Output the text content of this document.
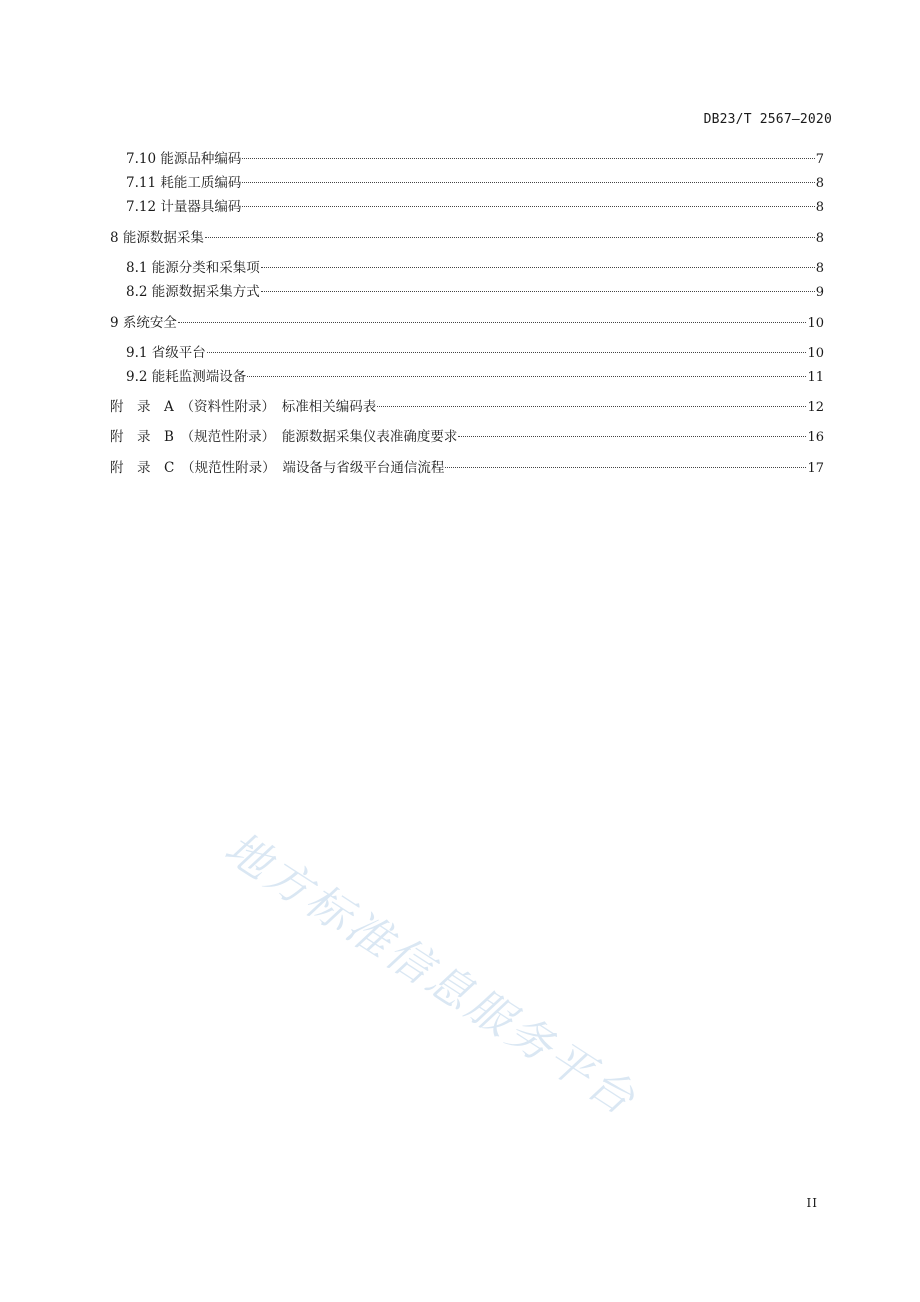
DB23/T 2567—2020
7.10 能源品种编码	7
7.11 耗能工质编码	8
7.12 计量器具编码	8
8 能源数据采集	8
8.1 能源分类和采集项	8
8.2 能源数据采集方式	9
9 系统安全	10
9.1 省级平台	10
9.2 能耗监测端设备	11
附　录　A　（资料性附录）　标准相关编码表	12
附　录　B　（规范性附录）　能源数据采集仪表准确度要求	16
附　录　C　（规范性附录）　端设备与省级平台通信流程	17
地方标准信息服务平台
II
